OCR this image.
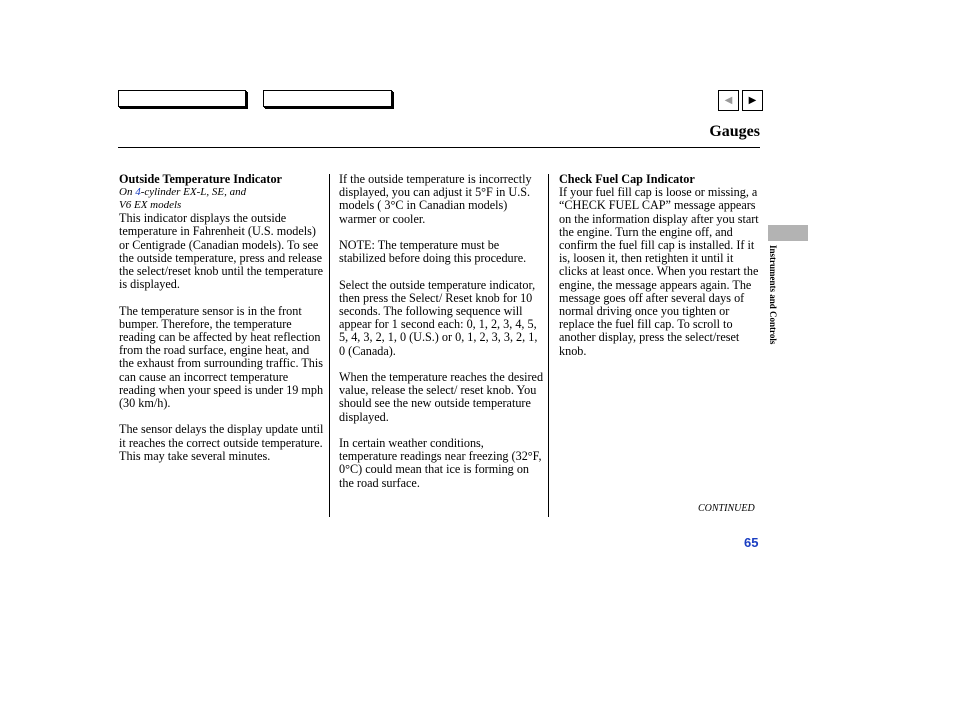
◀	▶
Gauges
Outside Temperature Indicator
On 4-cylinder EX-L, SE, and
V6 EX models

This indicator displays the outside temperature in Fahrenheit (U.S. models) or Centigrade (Canadian models). To see the outside temperature, press and release the select/reset knob until the temperature is displayed.

The temperature sensor is in the front bumper. Therefore, the temperature reading can be affected by heat reflection from the road surface, engine heat, and the exhaust from surrounding traffic. This can cause an incorrect temperature reading when your speed is under 19 mph (30 km/h).

The sensor delays the display update until it reaches the correct outside temperature. This may take several minutes.

If the outside temperature is incorrectly displayed, you can adjust it 5°F in U.S. models ( 3°C in Canadian models) warmer or cooler.

NOTE: The temperature must be stabilized before doing this procedure.

Select the outside temperature indicator, then press the Select/ Reset knob for 10 seconds. The following sequence will appear for 1 second each: 0, 1, 2, 3, 4, 5, 5, 4, 3, 2, 1, 0 (U.S.) or 0, 1, 2, 3, 3, 2, 1, 0 (Canada).

When the temperature reaches the desired value, release the select/ reset knob. You should see the new outside temperature displayed.

In certain weather conditions, temperature readings near freezing (32°F, 0°C) could mean that ice is forming on the road surface.

Check Fuel Cap Indicator

If your fuel fill cap is loose or missing, a “CHECK FUEL CAP” message appears on the information display after you start the engine. Turn the engine off, and confirm the fuel fill cap is installed. If it is, loosen it, then retighten it until it clicks at least once. When you restart the engine, the message appears again. The message goes off after several days of normal driving once you tighten or replace the fuel fill cap. To scroll to another display, press the select/reset knob.

CONTINUED
65
Instruments and Controls
